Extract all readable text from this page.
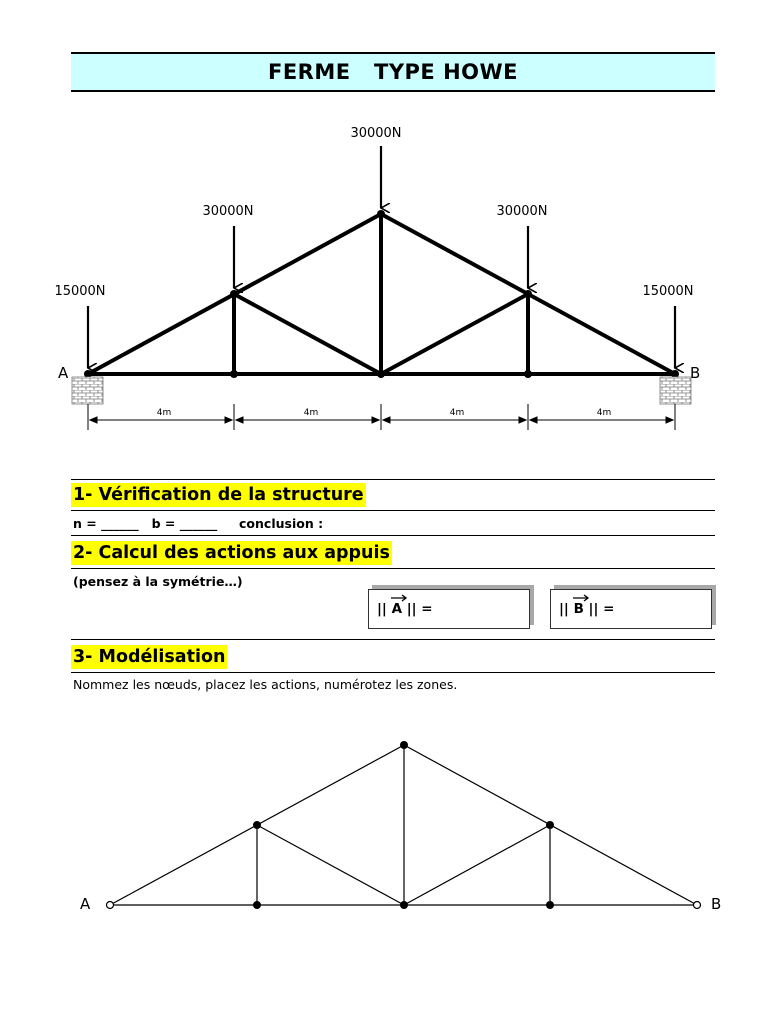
FERME   TYPE HOWE
15000N
30000N
30000N
30000N
15000N
A	B
4m	4m	4m	4m
A	B
1- Vérification de la structure
n = ______   b = ______     conclusion :
2- Calcul des actions aux appuis
(pensez à la symétrie…)
||
A || =	||
B || =
3- Modélisation
Nommez les nœuds, placez les actions, numérotez les zones.
